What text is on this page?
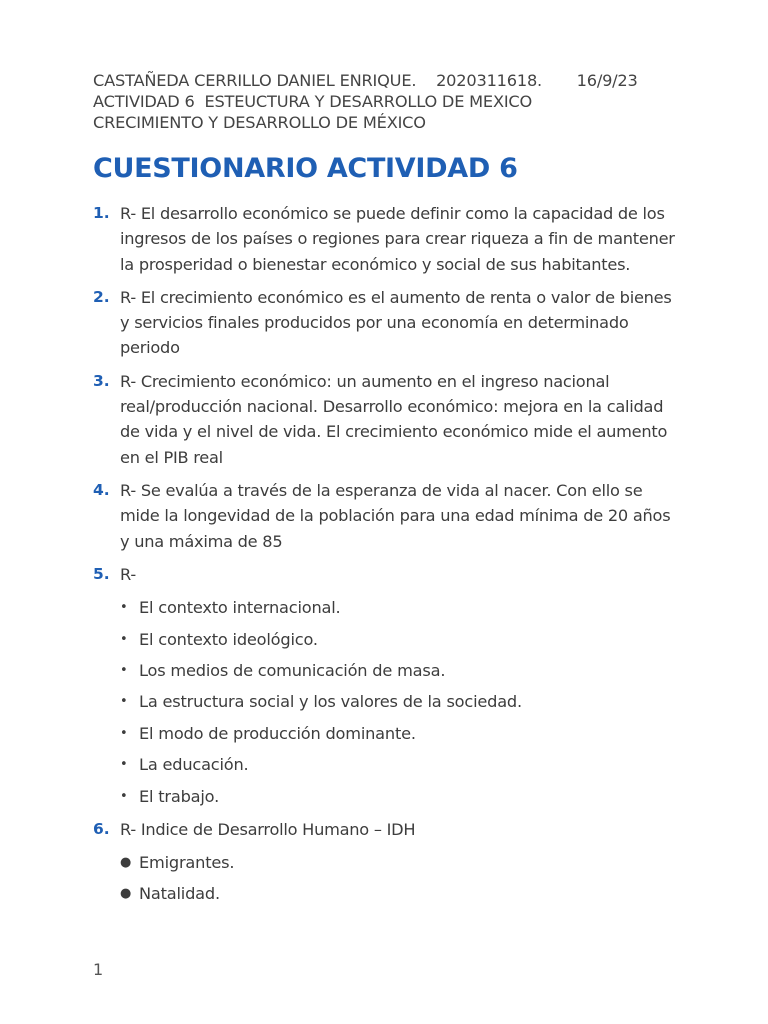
CASTAÑEDA CERRILLO DANIEL ENRIQUE.    2020311618.       16/9/23
ACTIVIDAD 6  ESTEUCTURA Y DESARROLLO DE MEXICO
CRECIMIENTO Y DESARROLLO DE MÉXICO
CUESTIONARIO ACTIVIDAD 6
1. R- El desarrollo económico se puede definir como la capacidad de los ingresos de los países o regiones para crear riqueza a fin de mantener la prosperidad o bienestar económico y social de sus habitantes.
2. R- El crecimiento económico es el aumento de renta o valor de bienes y servicios finales producidos por una economía en determinado periodo
3. R- Crecimiento económico: un aumento en el ingreso nacional real/producción nacional. Desarrollo económico: mejora en la calidad de vida y el nivel de vida. El crecimiento económico mide el aumento en el PIB real
4. R- Se evalúa a través de la esperanza de vida al nacer. Con ello se mide la longevidad de la población para una edad mínima de 20 años y una máxima de 85
5. R-
• El contexto internacional.
• El contexto ideológico.
• Los medios de comunicación de masa.
• La estructura social y los valores de la sociedad.
• El modo de producción dominante.
• La educación.
• El trabajo.
6. R- Indice de Desarrollo Humano – IDH
● Emigrantes.
● Natalidad.
1
